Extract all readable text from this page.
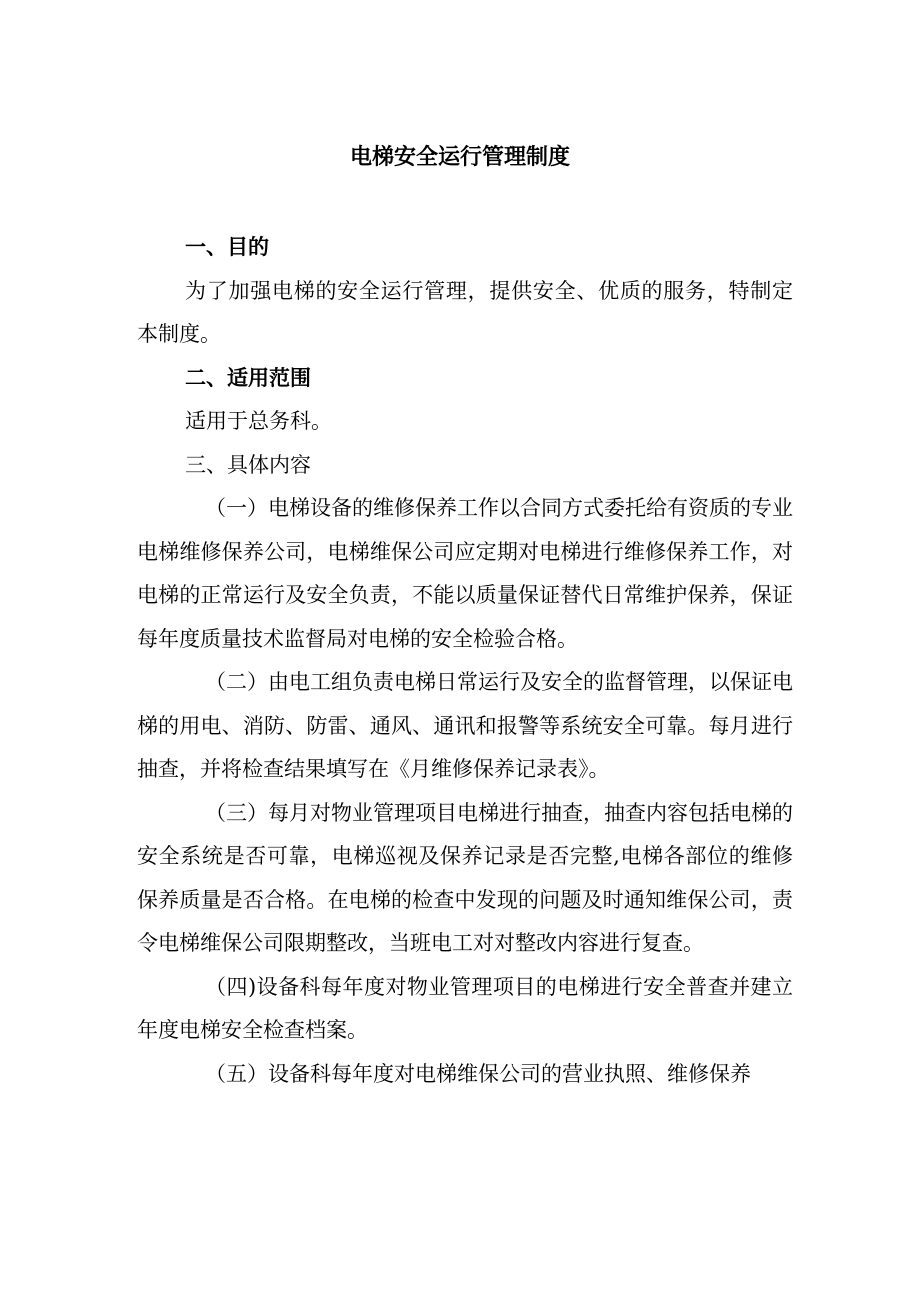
电梯安全运行管理制度

一、目的

为了加强电梯的安全运行管理，提供安全、优质的服务，特制定本制度。

二、适用范围

适用于总务科。

三、具体内容

（一）电梯设备的维修保养工作以合同方式委托给有资质的专业电梯维修保养公司，电梯维保公司应定期对电梯进行维修保养工作，对电梯的正常运行及安全负责，不能以质量保证替代日常维护保养，保证每年度质量技术监督局对电梯的安全检验合格。

（二）由电工组负责电梯日常运行及安全的监督管理，以保证电梯的用电、消防、防雷、通风、通讯和报警等系统安全可靠。每月进行抽查，并将检查结果填写在《月维修保养记录表》。

（三）每月对物业管理项目电梯进行抽查，抽查内容包括电梯的安全系统是否可靠，电梯巡视及保养记录是否完整,电梯各部位的维修保养质量是否合格。在电梯的检查中发现的问题及时通知维保公司，责令电梯维保公司限期整改，当班电工对对整改内容进行复查。

（四)设备科每年度对物业管理项目的电梯进行安全普查并建立年度电梯安全检查档案。

（五）设备科每年度对电梯维保公司的营业执照、维修保养
